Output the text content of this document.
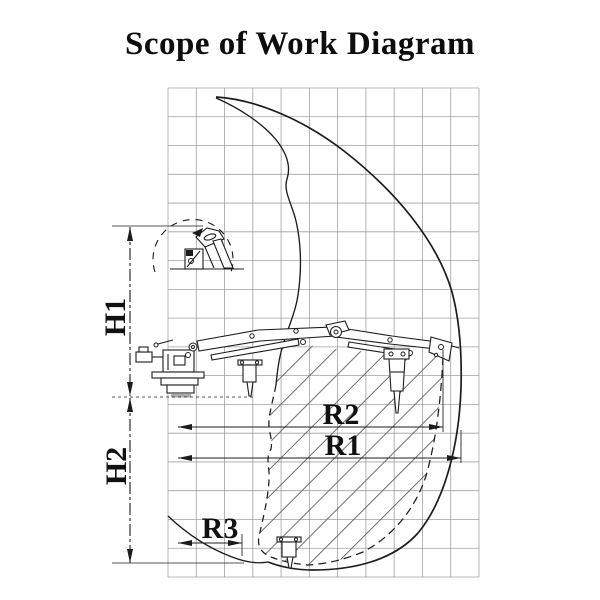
Scope of Work Diagram
H1
H2
R2
R1
R3
